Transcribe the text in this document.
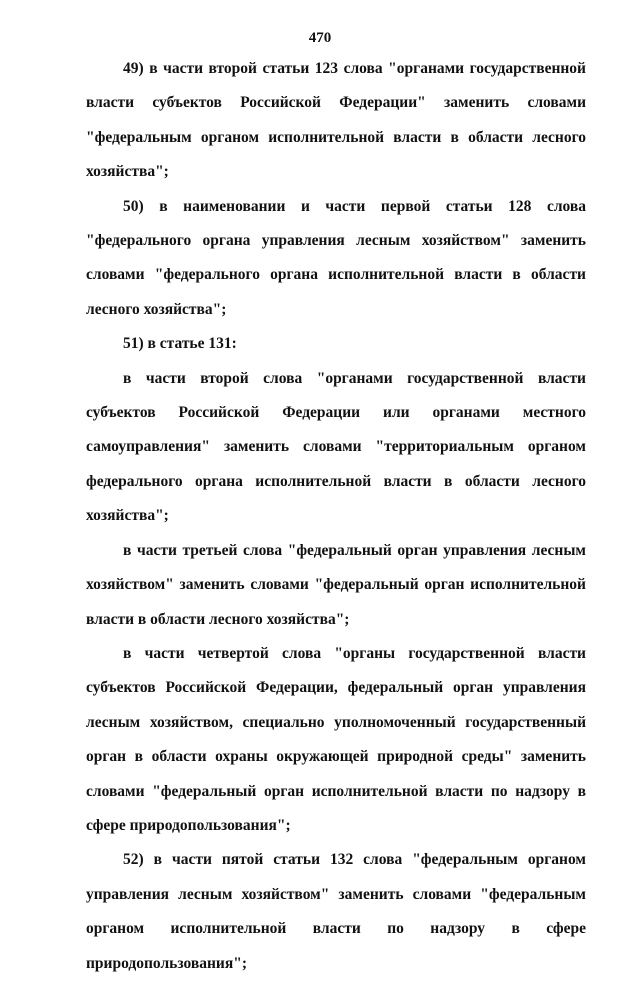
470

49) в части второй статьи 123 слова "органами государственной власти субъектов Российской Федерации" заменить словами "федеральным органом исполнительной власти в области лесного хозяйства";

50) в наименовании и части первой статьи 128 слова "федерального органа управления лесным хозяйством" заменить словами "федерального органа исполнительной власти в области лесного хозяйства";

51) в статье 131:

в части второй слова "органами государственной власти субъектов Российской Федерации или органами местного самоуправления" заменить словами "территориальным органом федерального органа исполнительной власти в области лесного хозяйства";

в части третьей слова "федеральный орган управления лесным хозяйством" заменить словами "федеральный орган исполнительной власти в области лесного хозяйства";

в части четвертой слова "органы государственной власти субъектов Российской Федерации, федеральный орган управления лесным хозяйством, специально уполномоченный государственный орган в области охраны окружающей природной среды" заменить словами "федеральный орган исполнительной власти по надзору в сфере природопользования";

52) в части пятой статьи 132 слова "федеральным органом управления лесным хозяйством" заменить словами "федеральным органом исполнительной власти по надзору в сфере природопользования";
